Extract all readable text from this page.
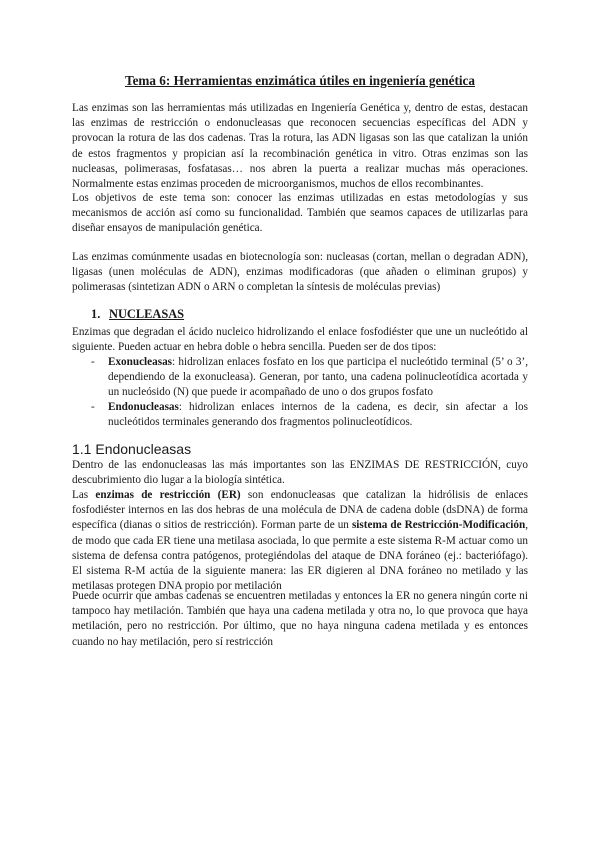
Tema 6: Herramientas enzimática útiles en ingeniería genética

Las enzimas son las herramientas más utilizadas en Ingeniería Genética y, dentro de estas, destacan las enzimas de restricción o endonucleasas que reconocen secuencias específicas del ADN y provocan la rotura de las dos cadenas. Tras la rotura, las ADN ligasas son las que catalizan la unión de estos fragmentos y propician así la recombinación genética in vitro. Otras enzimas son las nucleasas, polimerasas, fosfatasas… nos abren la puerta a realizar muchas más operaciones. Normalmente estas enzimas proceden de microorganismos, muchos de ellos recombinantes.

Los objetivos de este tema son: conocer las enzimas utilizadas en estas metodologías y sus mecanismos de acción así como su funcionalidad. También que seamos capaces de utilizarlas para diseñar ensayos de manipulación genética.

Las enzimas comúnmente usadas en biotecnología son: nucleasas (cortan, mellan o degradan ADN), ligasas (unen moléculas de ADN), enzimas modificadoras (que añaden o eliminan grupos) y polimerasas (sintetizan ADN o ARN o completan la síntesis de moléculas previas)

1. NUCLEASAS

Enzimas que degradan el ácido nucleico hidrolizando el enlace fosfodiéster que une un nucleótido al siguiente. Pueden actuar en hebra doble o hebra sencilla. Pueden ser de dos tipos:

- Exonucleasas: hidrolizan enlaces fosfato en los que participa el nucleótido terminal (5’ o 3’, dependiendo de la exonucleasa). Generan, por tanto, una cadena polinucleotídica acortada y un nucleósido (N) que puede ir acompañado de uno o dos grupos fosfato
- Endonucleasas: hidrolizan enlaces internos de la cadena, es decir, sin afectar a los nucleótidos terminales generando dos fragmentos polinucleotídicos.
1.1 Endonucleasas

Dentro de las endonucleasas las más importantes son las ENZIMAS DE RESTRICCIÓN, cuyo descubrimiento dio lugar a la biología sintética.

Las enzimas de restricción (ER) son endonucleasas que catalizan la hidrólisis de enlaces fosfodiéster internos en las dos hebras de una molécula de DNA de cadena doble (dsDNA) de forma específica (dianas o sitios de restricción). Forman parte de un sistema de Restricción-Modificación, de modo que cada ER tiene una metilasa asociada, lo que permite a este sistema R-M actuar como un sistema de defensa contra patógenos, protegiéndolas del ataque de DNA foráneo (ej.: bacteriófago). El sistema R-M actúa de la siguiente manera: las ER digieren al DNA foráneo no metilado y las metilasas protegen DNA propio por metilación

Puede ocurrir que ambas cadenas se encuentren metiladas y entonces la ER no genera ningún corte ni tampoco hay metilación. También que haya una cadena metilada y otra no, lo que provoca que haya metilación, pero no restricción. Por último, que no haya ninguna cadena metilada y es entonces cuando no hay metilación, pero sí restricción
